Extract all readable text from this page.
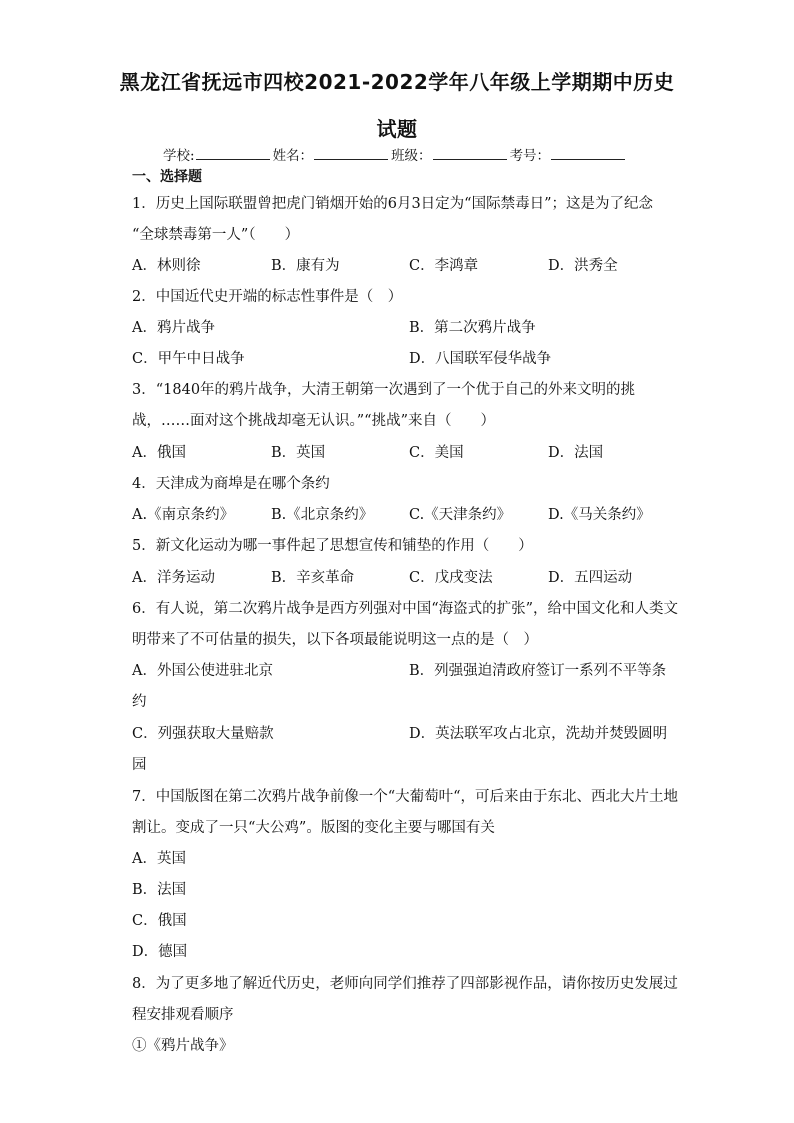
黑龙江省抚远市四校2021-2022学年八年级上学期期中历史
试题
学校:	姓名：	班级：	考号：
一、选择题
1．历史上国际联盟曾把虎门销烟开始的6月3日定为“国际禁毒日”；这是为了纪念
“全球禁毒第一人”（　　）
A．林则徐	B．康有为	C．李鸿章	D．洪秀全
2．中国近代史开端的标志性事件是（　）
A．鸦片战争	B．第二次鸦片战争
C．甲午中日战争	D．八国联军侵华战争
3．“1840年的鸦片战争，大清王朝第一次遇到了一个优于自己的外来文明的挑
战，……面对这个挑战却毫无认识。”“挑战”来自（　　）
A．俄国	B．英国	C．美国	D．法国
4．天津成为商埠是在哪个条约
A.《南京条约》	B.《北京条约》 C.《天津条约》	D.《马关条约》
5．新文化运动为哪一事件起了思想宣传和铺垫的作用（　　）
A．洋务运动	B．辛亥革命	C．戊戌变法	D．五四运动
6．有人说，第二次鸦片战争是西方列强对中国“海盗式的扩张”，给中国文化和人类文
明带来了不可估量的损失，以下各项最能说明这一点的是（　）
A．外国公使进驻北京	B．列强强迫清政府签订一系列不平等条
约
C．列强获取大量赔款	D．英法联军攻占北京，洗劫并焚毁圆明
园
7．中国版图在第二次鸦片战争前像一个“大葡萄叶“，可后来由于东北、西北大片土地
割让。变成了一只“大公鸡”。版图的变化主要与哪国有关
A．英国
B．法国
C．俄国
D．德国
8．为了更多地了解近代历史，老师向同学们推荐了四部影视作品，请你按历史发展过
程安排观看顺序
①《鸦片战争》
